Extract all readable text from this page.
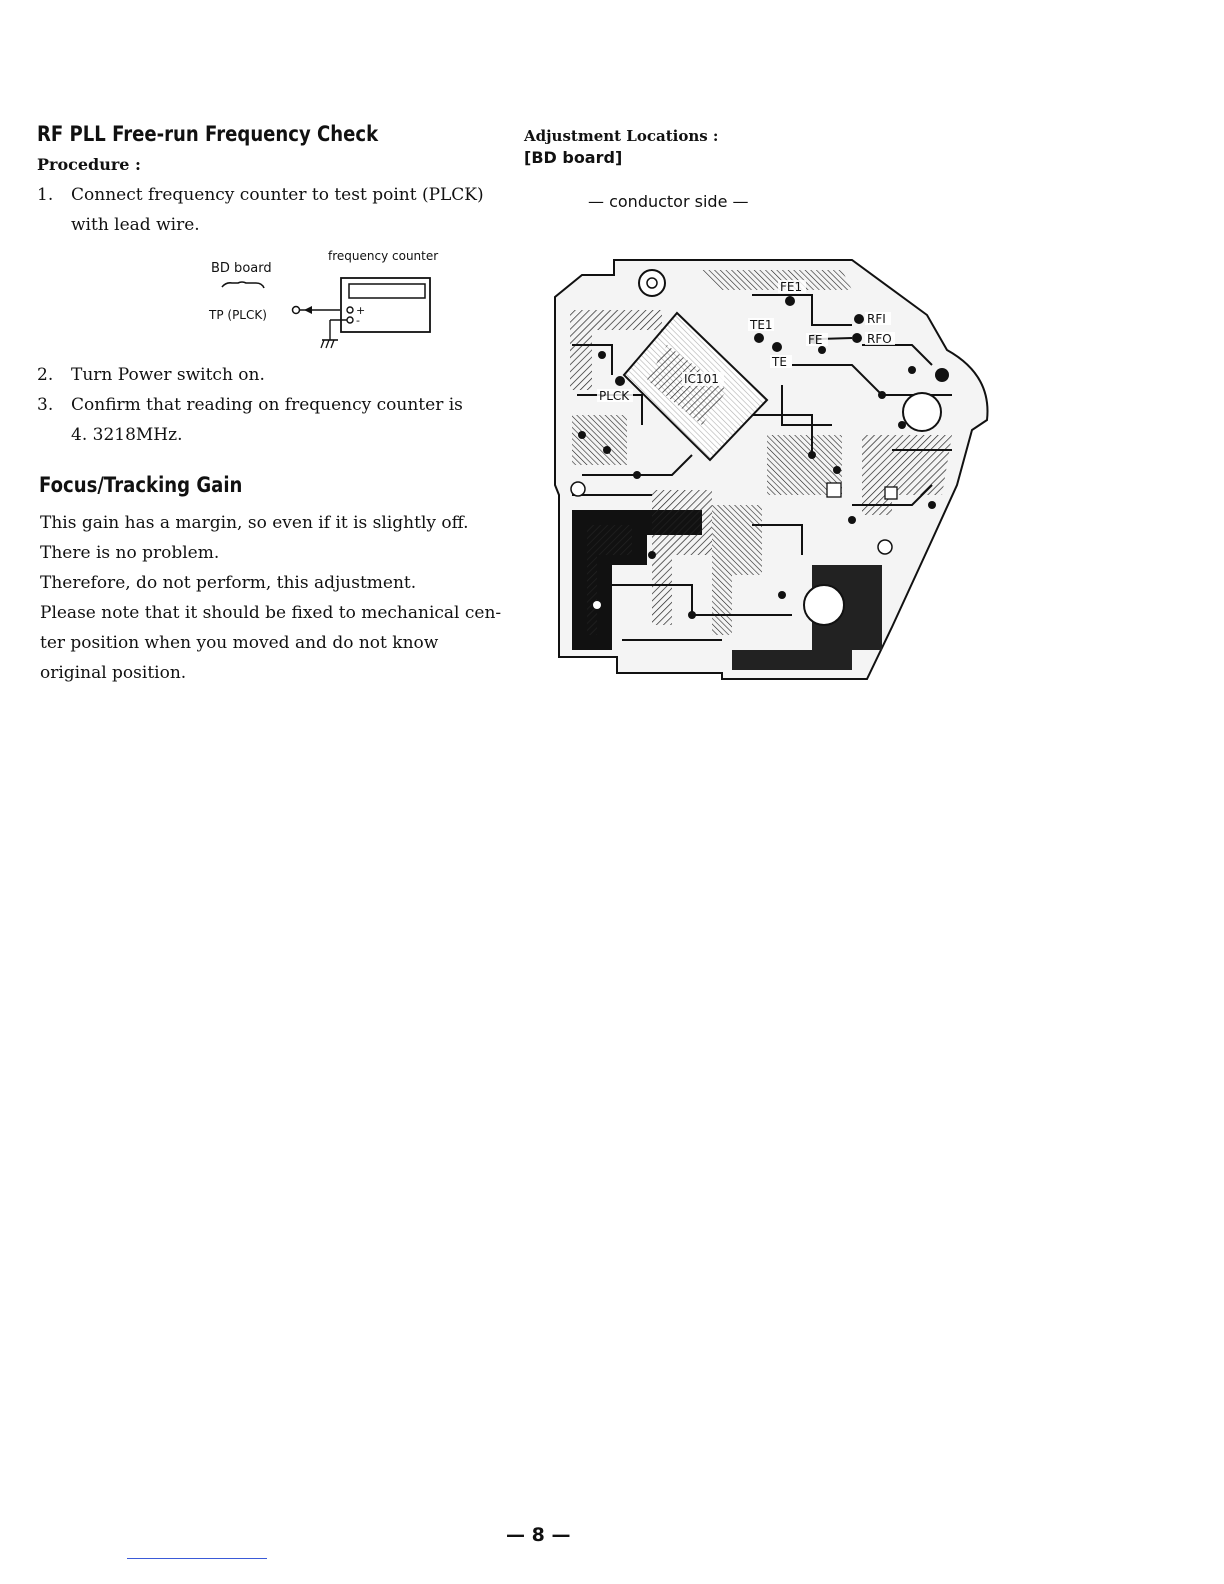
RF PLL Free-run Frequency Check
Procedure :
1. Connect frequency counter to test point (PLCK)
with lead wire.
BD board
frequency counter
TP (PLCK)	+
-
2. Turn Power switch on.
3. Confirm that reading on frequency counter is
4. 3218MHz.
Focus/Tracking Gain
This gain has a margin, so even if it is slightly off.
There is no problem.
Therefore, do not perform, this adjustment.
Please note that it should be fixed to mechanical cen-
ter position when you moved and do not know
original position.
Adjustment Locations :
[BD board]
— conductor side —
FE1
RFI
TE1
FE	RFO
TE
IC101
PLCK
— 8 —
